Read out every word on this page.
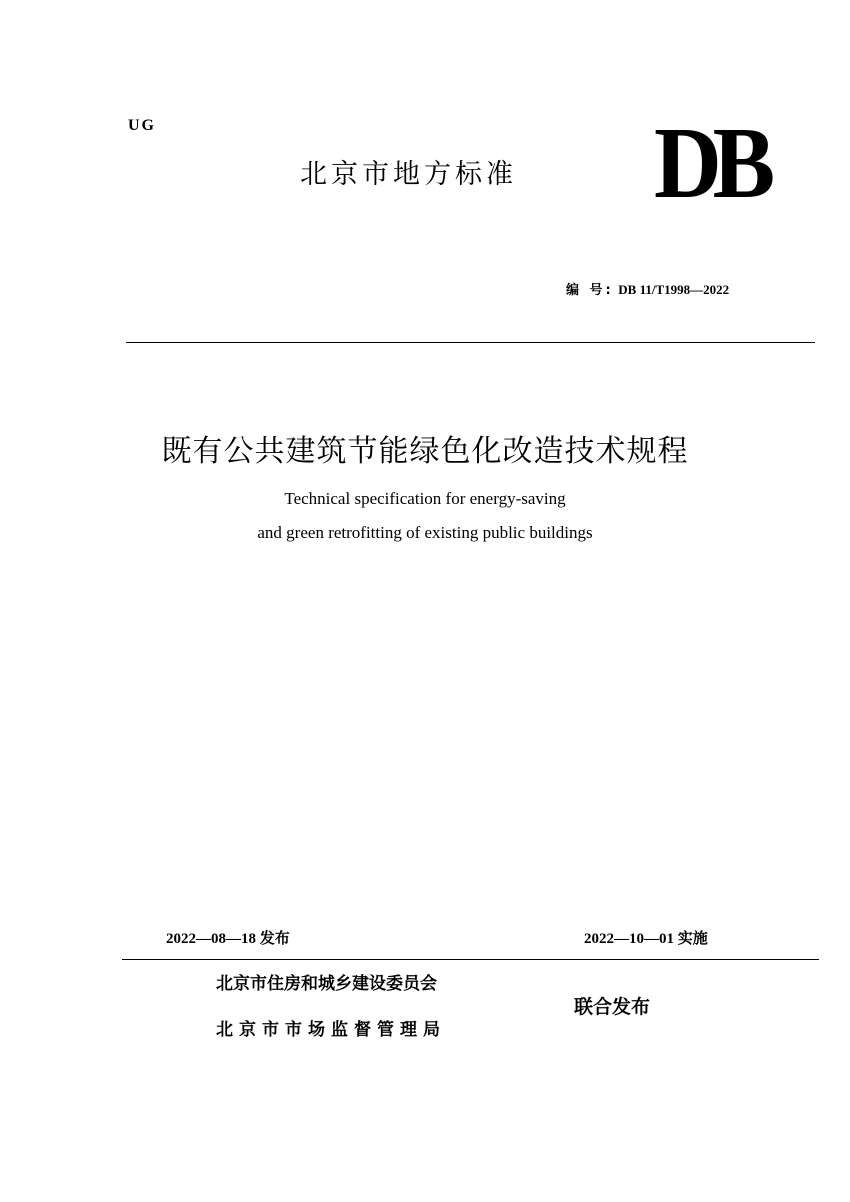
UG
北京市地方标准 DB
编 号: DB 11/T1998—2022
既有公共建筑节能绿色化改造技术规程
Technical specification for energy-saving
and green retrofitting of existing public buildings
2022—08—18 发布	2022—10—01 实施
北京市住房和城乡建设委员会
北京市市场监督管理局
联合发布
